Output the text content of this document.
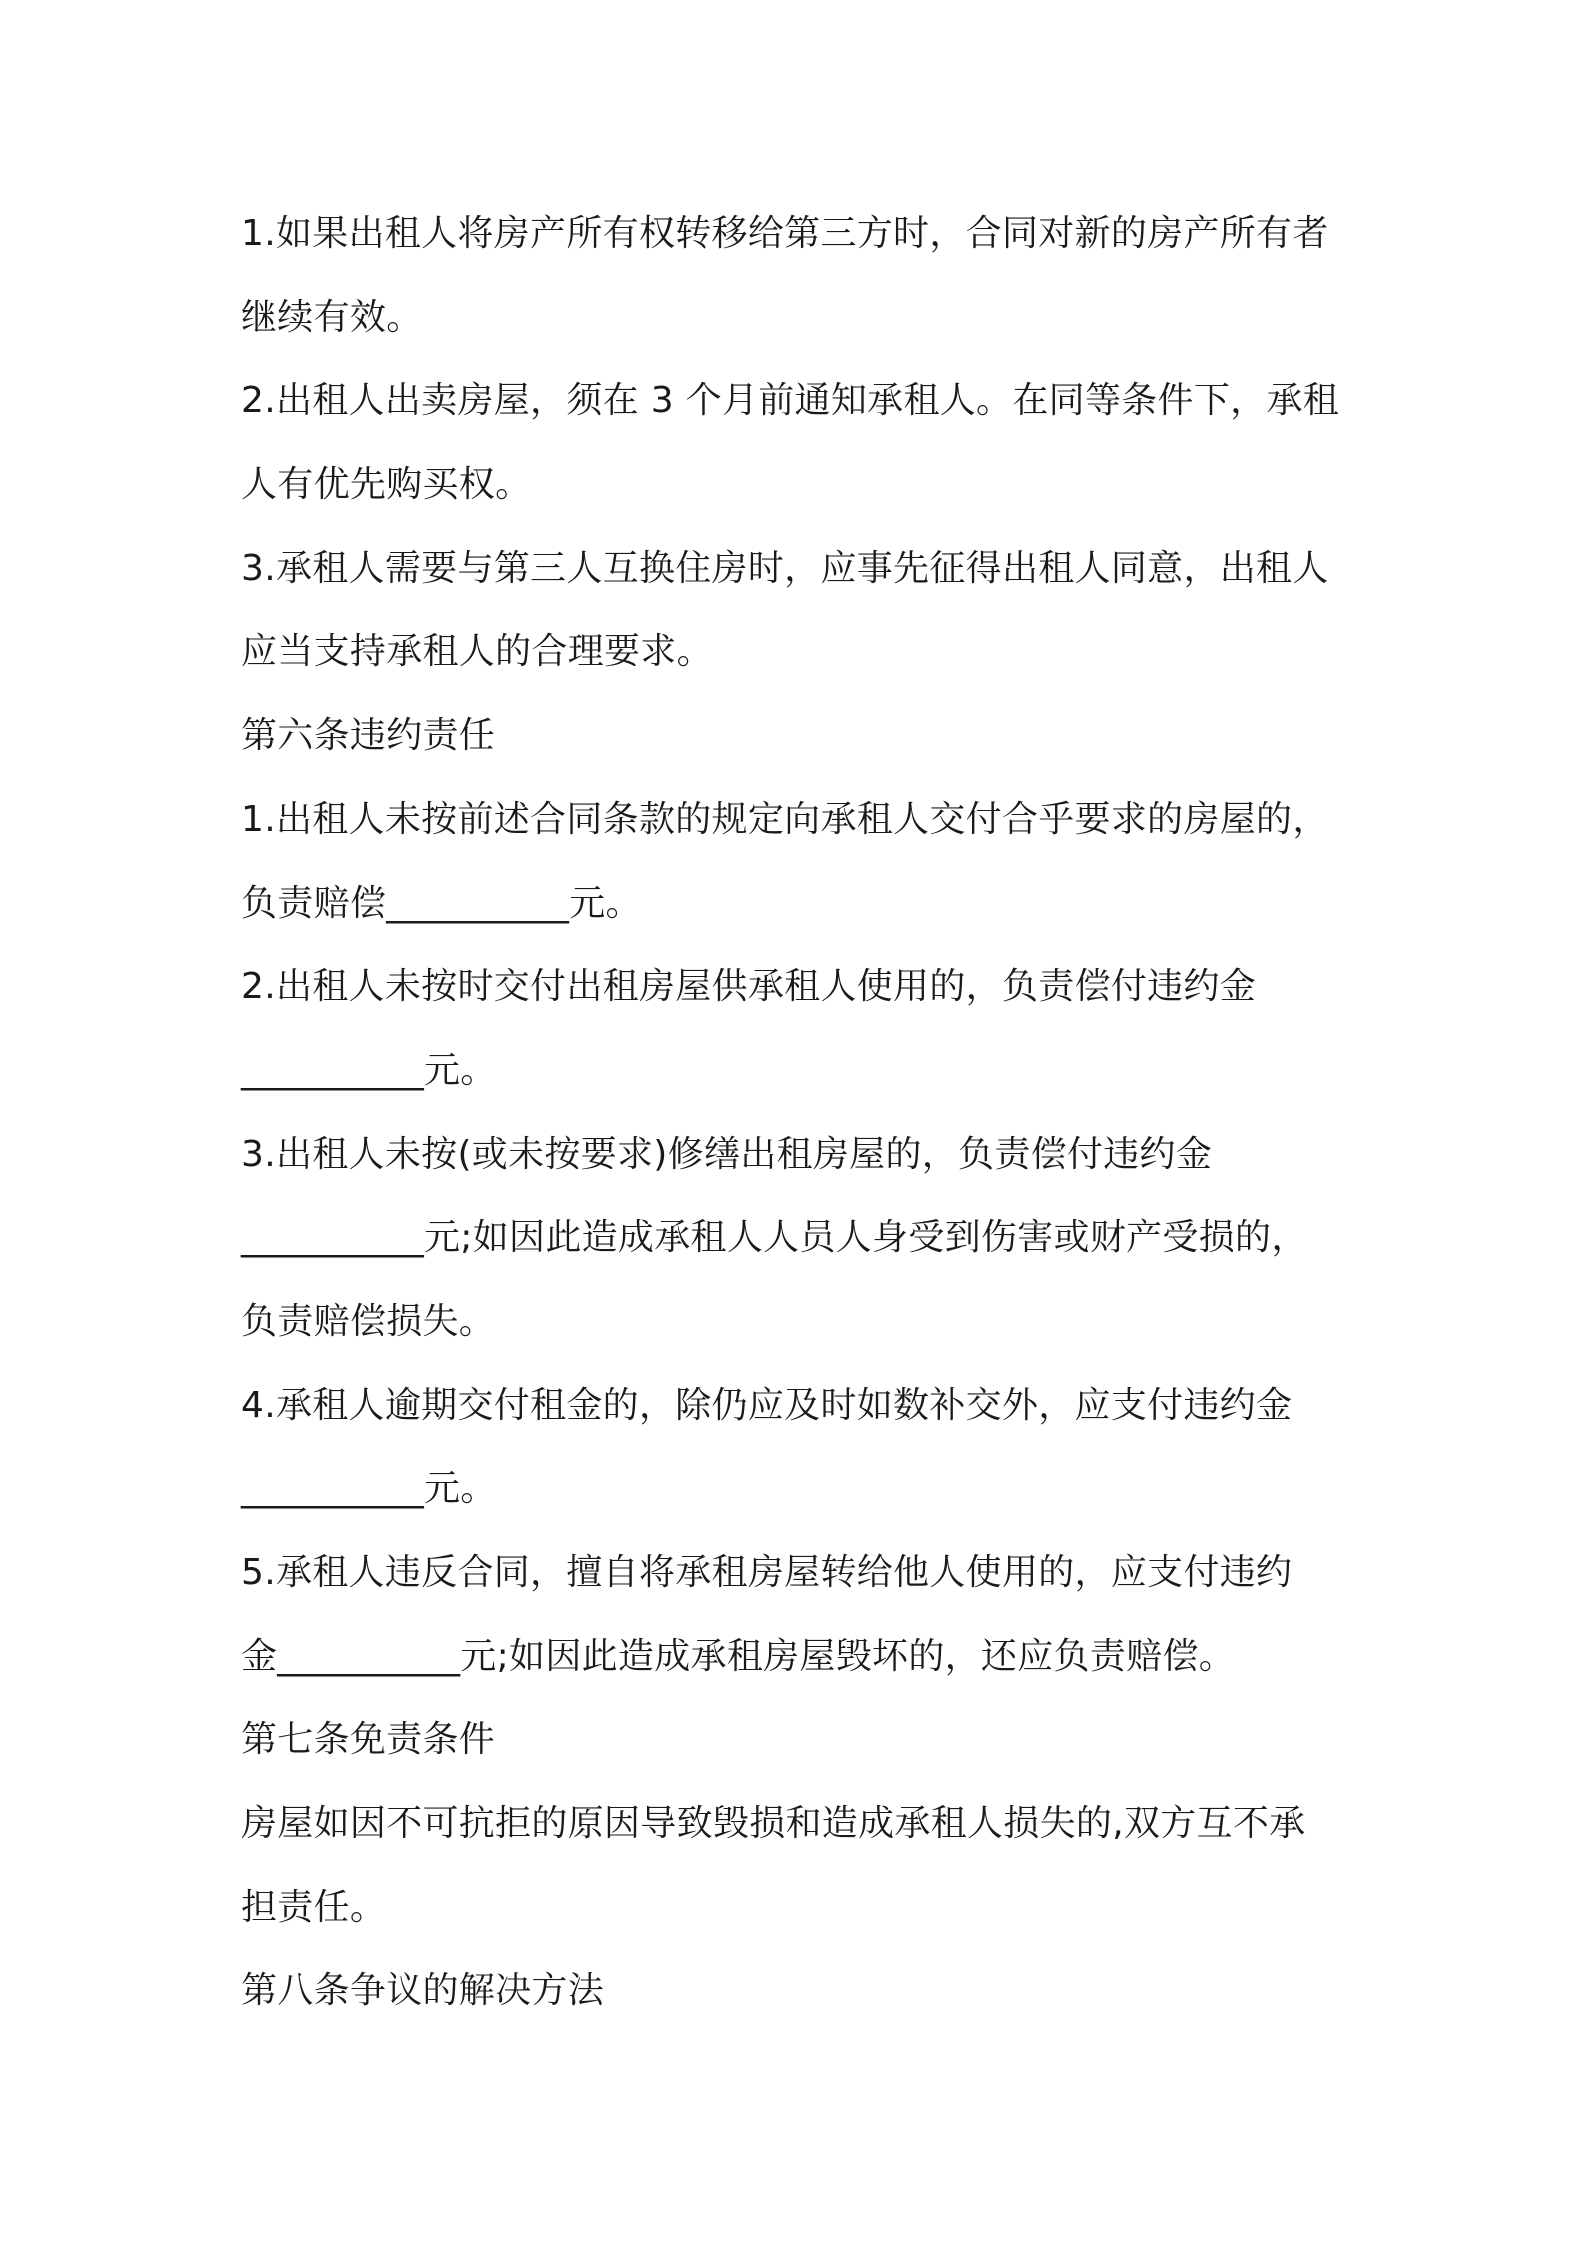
1.如果出租人将房产所有权转移给第三方时，合同对新的房产所有者
继续有效。
2.出租人出卖房屋，须在 3 个月前通知承租人。在同等条件下，承租
人有优先购买权。
3.承租人需要与第三人互换住房时，应事先征得出租人同意，出租人
应当支持承租人的合理要求。
第六条违约责任
1.出租人未按前述合同条款的规定向承租人交付合乎要求的房屋的，
负责赔偿__________元。
2.出租人未按时交付出租房屋供承租人使用的，负责偿付违约金
__________元。
3.出租人未按(或未按要求)修缮出租房屋的，负责偿付违约金
__________元;如因此造成承租人人员人身受到伤害或财产受损的，
负责赔偿损失。
4.承租人逾期交付租金的，除仍应及时如数补交外，应支付违约金
__________元。
5.承租人违反合同，擅自将承租房屋转给他人使用的，应支付违约
金__________元;如因此造成承租房屋毁坏的，还应负责赔偿。
第七条免责条件
房屋如因不可抗拒的原因导致毁损和造成承租人损失的,双方互不承
担责任。
第八条争议的解决方法
